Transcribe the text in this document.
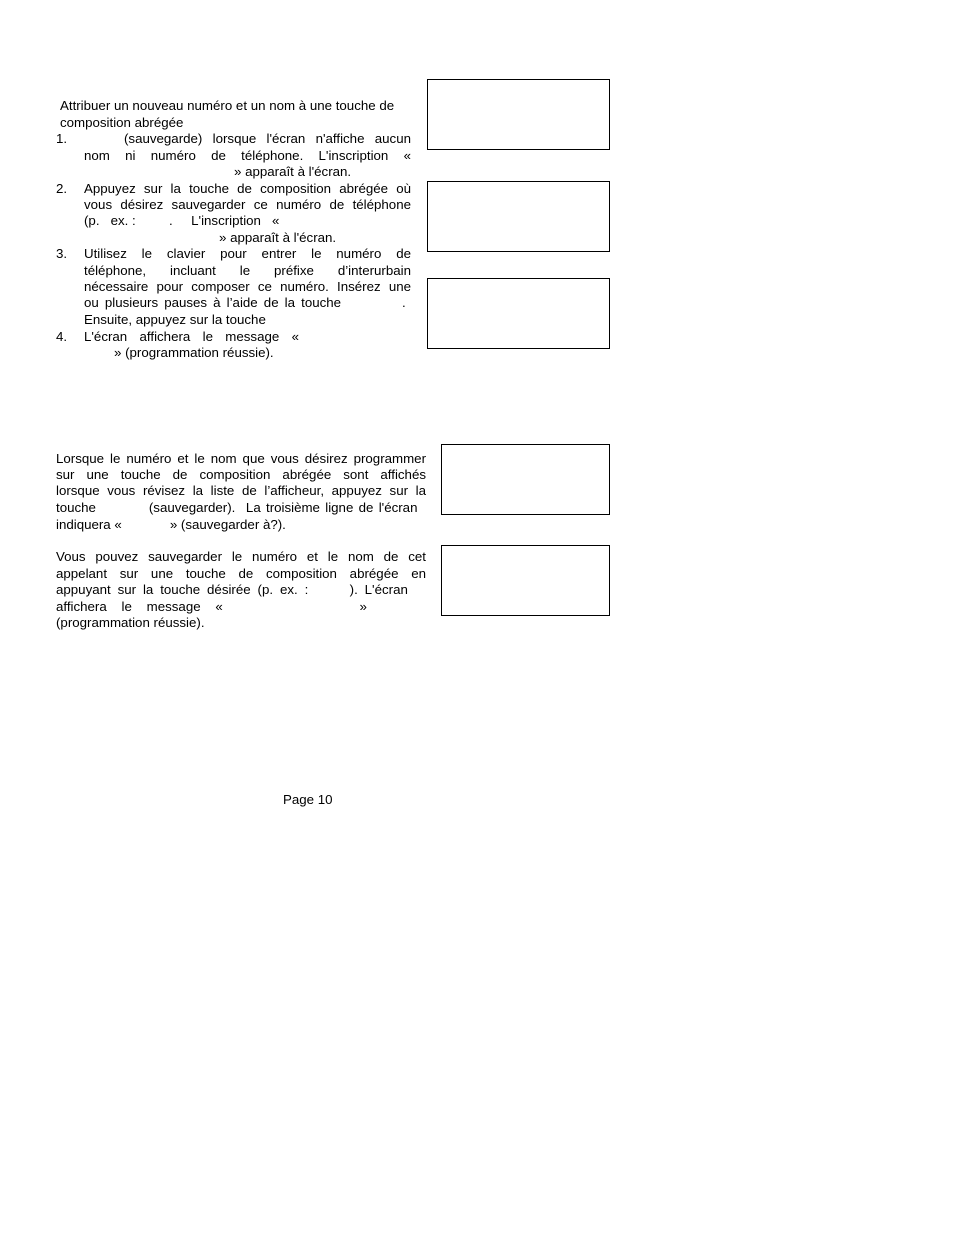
Attribuer un nouveau numéro et un nom à une touche de
composition abrégée
1.	(sauvegarde) lorsque l'écran n'affiche aucun
nom ni numéro de téléphone. L'inscription «
» apparaît à l'écran.
2. Appuyez sur la touche de composition abrégée où
vous désirez sauvegarder ce numéro de téléphone
(p.   ex. :         .     L'inscription   «
» apparaît à l'écran.
3. Utilisez le clavier pour entrer le numéro de
téléphone, incluant le préfixe d’interurbain
nécessaire pour composer ce numéro. Insérez une
ou plusieurs pauses à l’aide de la touche          .
Ensuite, appuyez sur la touche
4. L'écran affichera le message «
» (programmation réussie).
Lorsque le numéro et le nom que vous désirez programmer
sur une touche de composition abrégée sont affichés
lorsque vous révisez la liste de l’afficheur, appuyez sur la
touche          (sauvegarder).  La troisième ligne de l'écran
indiquera «             » (sauvegarder à?).
Vous pouvez sauvegarder le numéro et le nom de cet
appelant sur une touche de composition abrégée en
appuyant sur la touche désirée (p. ex. :      ). L'écran
affichera    le    message    «                                     »
(programmation réussie).
Page 10
